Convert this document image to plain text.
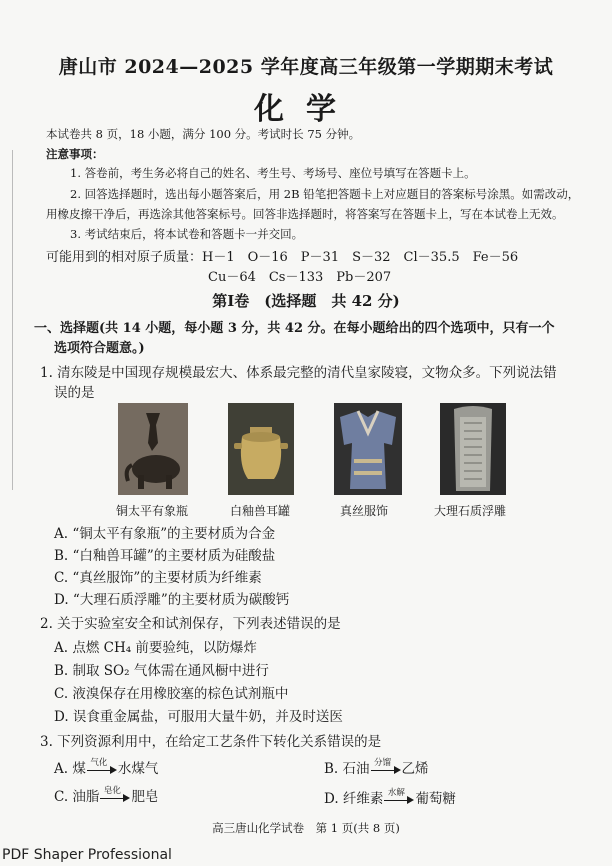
唐山市 2024—2025 学年度高三年级第一学期期末考试
化学
本试卷共 8 页，18 小题，满分 100 分。考试时长 75 分钟。
注意事项：
1. 答卷前，考生务必将自己的姓名、考生号、考场号、座位号填写在答题卡上。
2. 回答选择题时，选出每小题答案后，用 2B 铅笔把答题卡上对应题目的答案标号涂黑。如需改动，
用橡皮擦干净后，再选涂其他答案标号。回答非选择题时，将答案写在答题卡上，写在本试卷上无效。
3. 考试结束后，将本试卷和答题卡一并交回。
可能用到的相对原子质量：H－1　O－16　P－31　S－32　Cl－35.5　Fe－56
Cu－64　Cs－133　Pb－207
第Ⅰ卷　(选择题　共 42 分)
一、选择题(共 14 小题，每小题 3 分，共 42 分。在每小题给出的四个选项中，只有一个
选项符合题意。)
1. 清东陵是中国现存规模最宏大、体系最完整的清代皇家陵寝，文物众多。下列说法错
误的是
铜太平有象瓶	白釉兽耳罐	真丝服饰	大理石质浮雕
A. “铜太平有象瓶”的主要材质为合金
B. “白釉兽耳罐”的主要材质为硅酸盐
C. “真丝服饰”的主要材质为纤维素
D. “大理石质浮雕”的主要材质为碳酸钙
2. 关于实验室安全和试剂保存，下列表述错误的是
A. 点燃 CH₄ 前要验纯，以防爆炸
B. 制取 SO₂ 气体需在通风橱中进行
C. 液溴保存在用橡胶塞的棕色试剂瓶中
D. 误食重金属盐，可服用大量牛奶，并及时送医
3. 下列资源利用中，在给定工艺条件下转化关系错误的是
A. 煤 气化 水煤气	B. 石油 分馏 乙烯
C. 油脂 皂化 肥皂	D. 纤维素 水解 葡萄糖
高三唐山化学试卷　第 1 页(共 8 页)
PDF Shaper Professional
